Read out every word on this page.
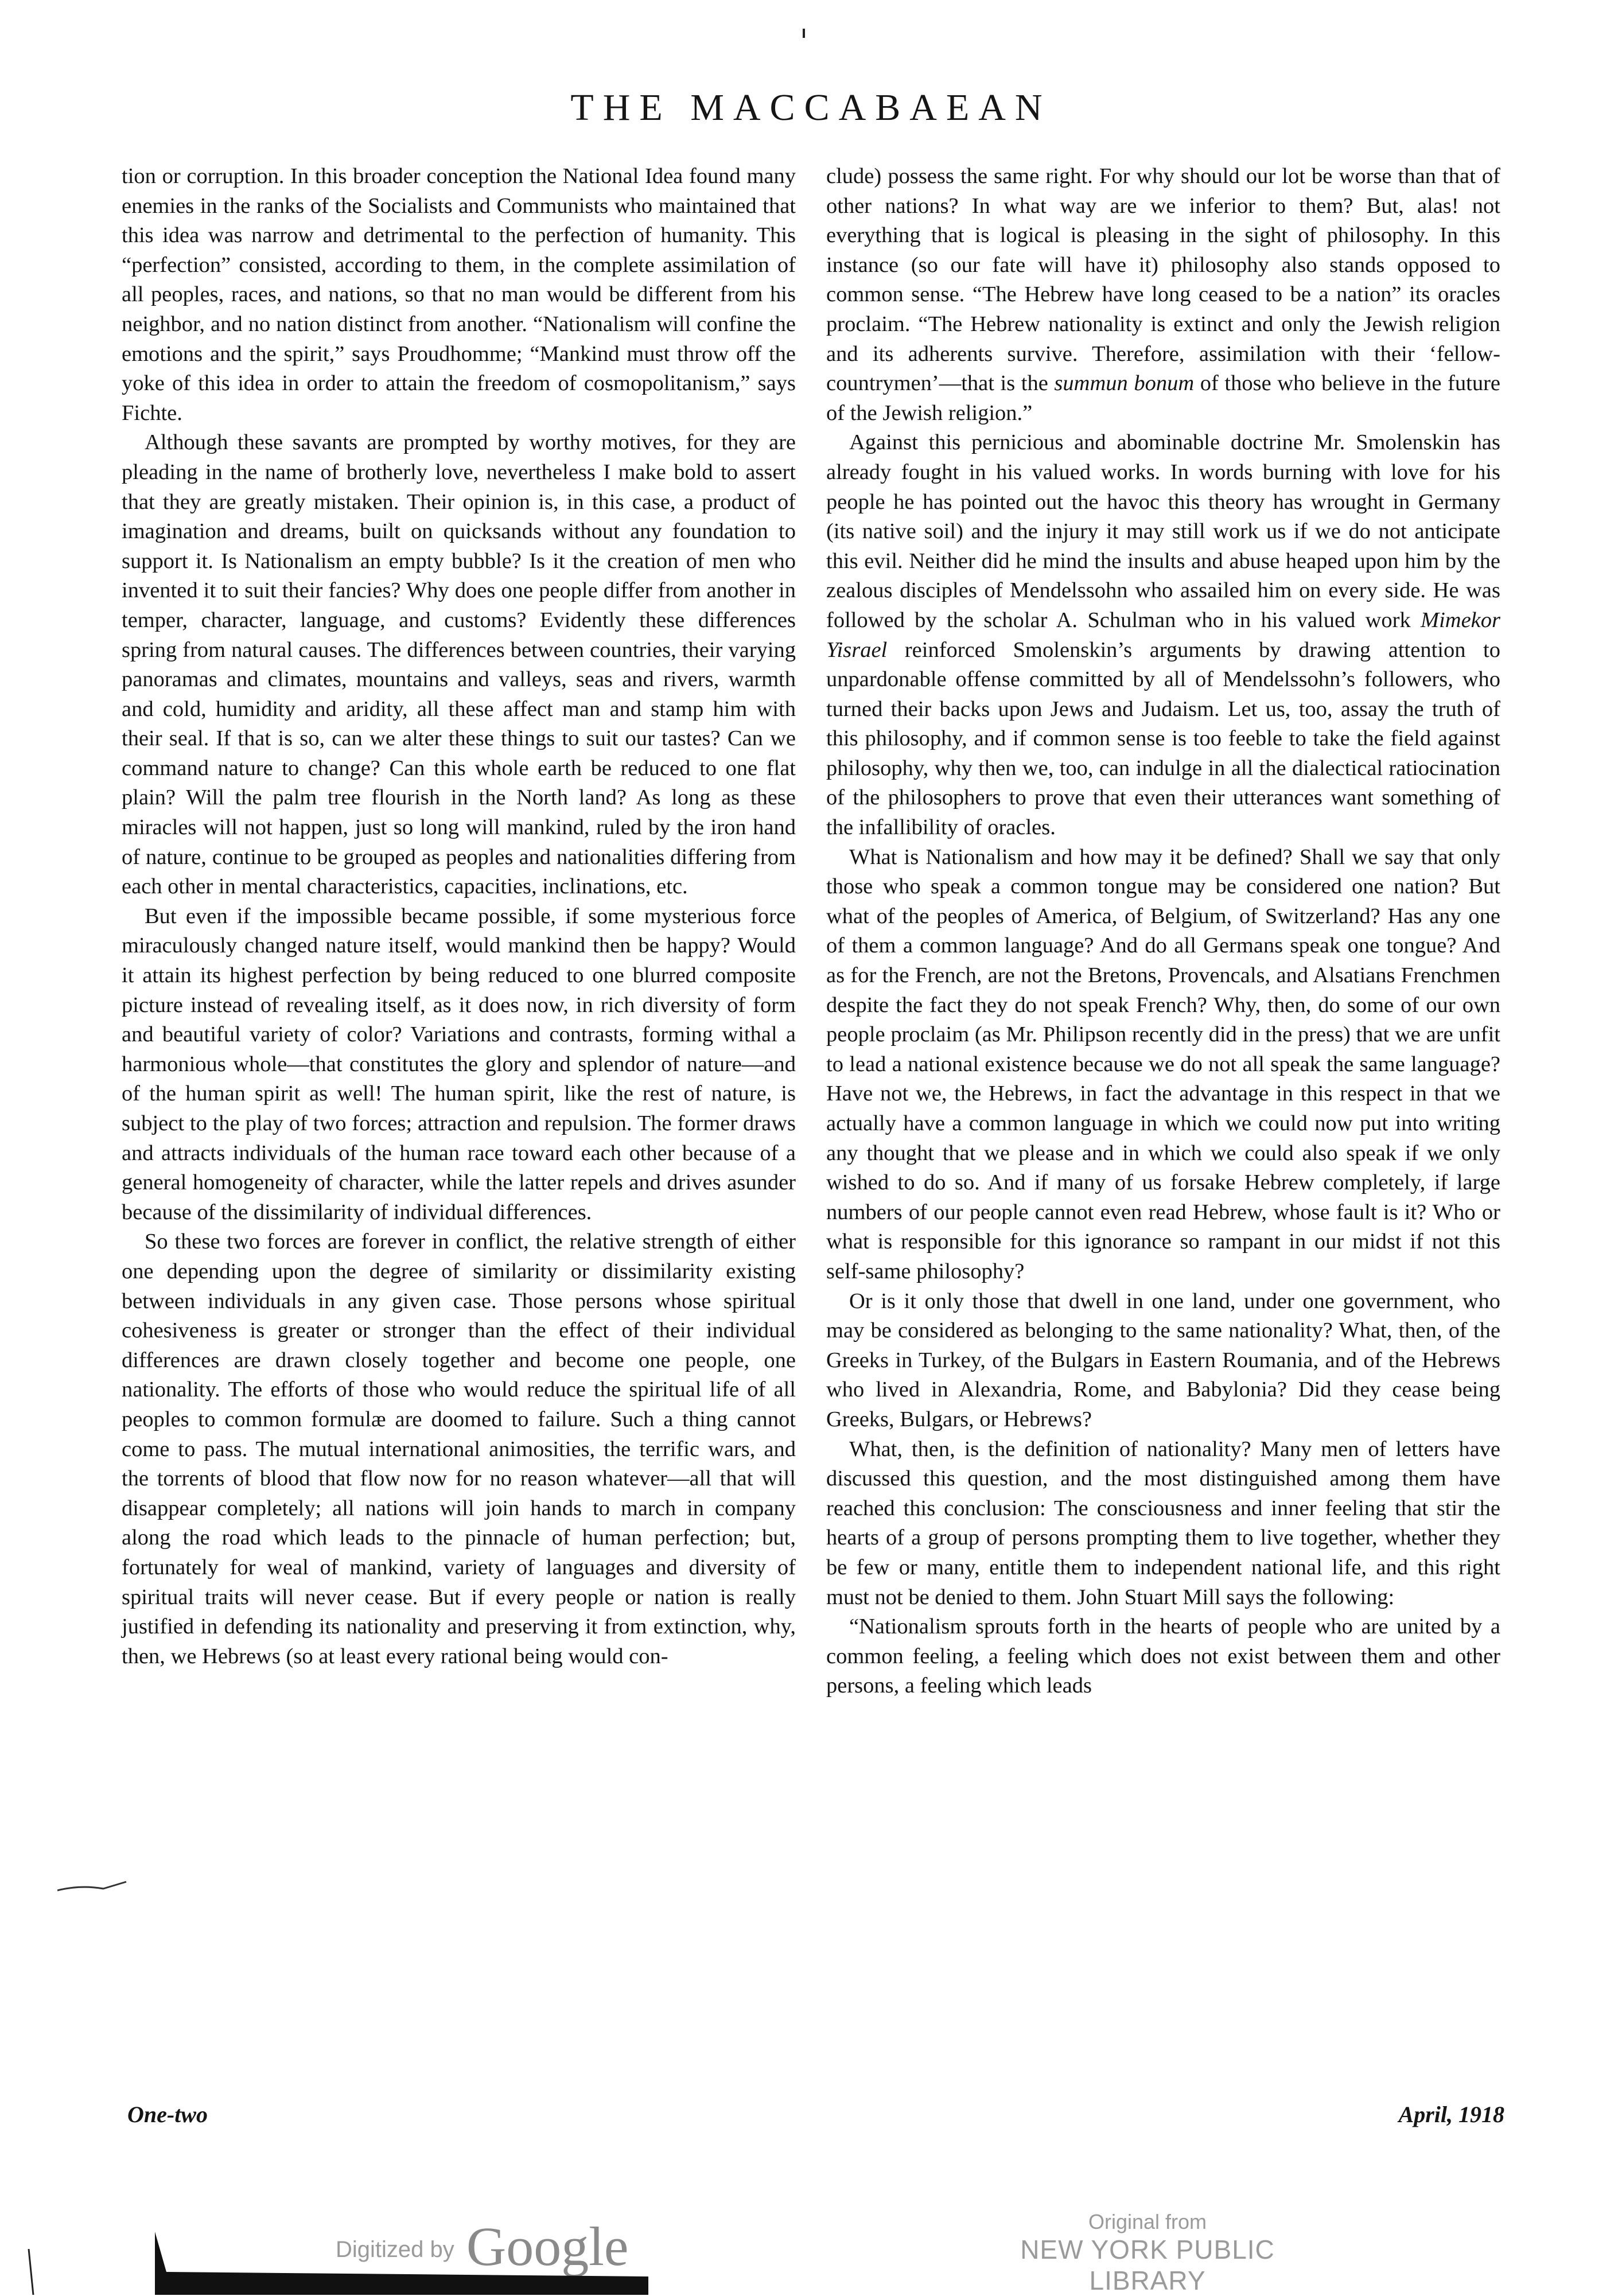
THE MACCABAEAN

tion or corruption. In this broader conception the National Idea found many enemies in the ranks of the Socialists and Communists who maintained that this idea was narrow and detrimental to the perfection of humanity. This “perfection” consisted, according to them, in the complete assimilation of all peoples, races, and nations, so that no man would be different from his neighbor, and no nation distinct from another. “Nationalism will confine the emotions and the spirit,” says Proudhomme; “Mankind must throw off the yoke of this idea in order to attain the freedom of cosmopolitanism,” says Fichte.

Although these savants are prompted by worthy motives, for they are pleading in the name of brotherly love, nevertheless I make bold to assert that they are greatly mistaken. Their opinion is, in this case, a product of imagination and dreams, built on quicksands without any foundation to support it. Is Nationalism an empty bubble? Is it the creation of men who invented it to suit their fancies? Why does one people differ from another in temper, character, language, and customs? Evidently these differences spring from natural causes. The differences between countries, their varying panoramas and climates, mountains and valleys, seas and rivers, warmth and cold, humidity and aridity, all these affect man and stamp him with their seal. If that is so, can we alter these things to suit our tastes? Can we command nature to change? Can this whole earth be reduced to one flat plain? Will the palm tree flourish in the North land? As long as these miracles will not happen, just so long will mankind, ruled by the iron hand of nature, continue to be grouped as peoples and nationalities differing from each other in mental characteristics, capacities, inclinations, etc.

But even if the impossible became possible, if some mysterious force miraculously changed nature itself, would mankind then be happy? Would it attain its highest perfection by being reduced to one blurred composite picture instead of revealing itself, as it does now, in rich diversity of form and beautiful variety of color? Variations and contrasts, forming withal a harmonious whole—that constitutes the glory and splendor of nature—and of the human spirit as well! The human spirit, like the rest of nature, is subject to the play of two forces; attraction and repulsion. The former draws and attracts individuals of the human race toward each other because of a general homogeneity of character, while the latter repels and drives asunder because of the dissimilarity of individual differences.

So these two forces are forever in conflict, the relative strength of either one depending upon the degree of similarity or dissimilarity existing between individuals in any given case. Those persons whose spiritual cohesiveness is greater or stronger than the effect of their individual differences are drawn closely together and become one people, one nationality. The efforts of those who would reduce the spiritual life of all peoples to common formulæ are doomed to failure. Such a thing cannot come to pass. The mutual international animosities, the terrific wars, and the torrents of blood that flow now for no reason whatever—all that will disappear completely; all nations will join hands to march in company along the road which leads to the pinnacle of human perfection; but, fortunately for weal of mankind, variety of languages and diversity of spiritual traits will never cease. But if every people or nation is really justified in defending its nationality and preserving it from extinction, why, then, we Hebrews (so at least every rational being would con-

clude) possess the same right. For why should our lot be worse than that of other nations? In what way are we inferior to them? But, alas! not everything that is logical is pleasing in the sight of philosophy. In this instance (so our fate will have it) philosophy also stands opposed to common sense. “The Hebrew have long ceased to be a nation” its oracles proclaim. “The Hebrew nationality is extinct and only the Jewish religion and its adherents survive. Therefore, assimilation with their ‘fellow-countrymen’—that is the summun bonum of those who believe in the future of the Jewish religion.”

Against this pernicious and abominable doctrine Mr. Smolenskin has already fought in his valued works. In words burning with love for his people he has pointed out the havoc this theory has wrought in Germany (its native soil) and the injury it may still work us if we do not anticipate this evil. Neither did he mind the insults and abuse heaped upon him by the zealous disciples of Mendelssohn who assailed him on every side. He was followed by the scholar A. Schulman who in his valued work Mimekor Yisrael reinforced Smolenskin’s arguments by drawing attention to unpardonable offense committed by all of Mendelssohn’s followers, who turned their backs upon Jews and Judaism. Let us, too, assay the truth of this philosophy, and if common sense is too feeble to take the field against philosophy, why then we, too, can indulge in all the dialectical ratiocination of the philosophers to prove that even their utterances want something of the infallibility of oracles.

What is Nationalism and how may it be defined? Shall we say that only those who speak a common tongue may be considered one nation? But what of the peoples of America, of Belgium, of Switzerland? Has any one of them a common language? And do all Germans speak one tongue? And as for the French, are not the Bretons, Provencals, and Alsatians Frenchmen despite the fact they do not speak French? Why, then, do some of our own people proclaim (as Mr. Philipson recently did in the press) that we are unfit to lead a national existence because we do not all speak the same language? Have not we, the Hebrews, in fact the advantage in this respect in that we actually have a common language in which we could now put into writing any thought that we please and in which we could also speak if we only wished to do so. And if many of us forsake Hebrew completely, if large numbers of our people cannot even read Hebrew, whose fault is it? Who or what is responsible for this ignorance so rampant in our midst if not this self-same philosophy?

Or is it only those that dwell in one land, under one government, who may be considered as belonging to the same nationality? What, then, of the Greeks in Turkey, of the Bulgars in Eastern Roumania, and of the Hebrews who lived in Alexandria, Rome, and Babylonia? Did they cease being Greeks, Bulgars, or Hebrews?

What, then, is the definition of nationality? Many men of letters have discussed this question, and the most distinguished among them have reached this conclusion: The consciousness and inner feeling that stir the hearts of a group of persons prompting them to live together, whether they be few or many, entitle them to independent national life, and this right must not be denied to them. John Stuart Mill says the following:

“Nationalism sprouts forth in the hearts of people who are united by a common feeling, a feeling which does not exist between them and other persons, a feeling which leads

One-two	April, 1918
Digitized by Google	Original from
NEW YORK PUBLIC LIBRARY
